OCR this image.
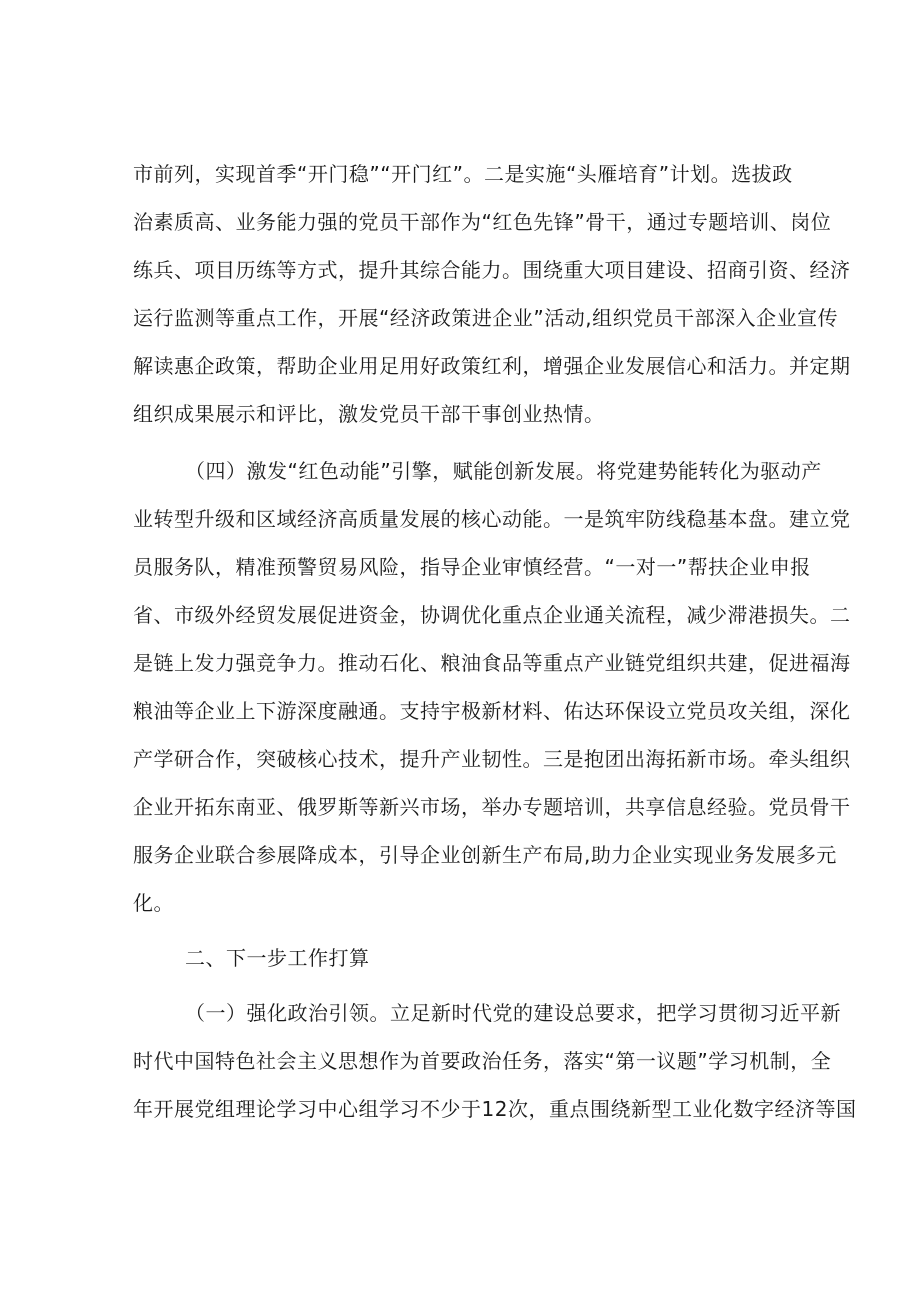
市前列，实现首季“开门稳”“开门红”。二是实施“头雁培育”计划。选拔政
治素质高、业务能力强的党员干部作为“红色先锋”骨干，通过专题培训、岗位
练兵、项目历练等方式，提升其综合能力。围绕重大项目建设、招商引资、经济
运行监测等重点工作，开展“经济政策进企业”活动,组织党员干部深入企业宣传
解读惠企政策，帮助企业用足用好政策红利，增强企业发展信心和活力。并定期
组织成果展示和评比，激发党员干部干事创业热情。
（四）激发“红色动能”引擎，赋能创新发展。将党建势能转化为驱动产
业转型升级和区域经济高质量发展的核心动能。一是筑牢防线稳基本盘。建立党
员服务队，精准预警贸易风险，指导企业审慎经营。“一对一”帮扶企业申报
省、市级外经贸发展促进资金，协调优化重点企业通关流程，减少滞港损失。二
是链上发力强竞争力。推动石化、粮油食品等重点产业链党组织共建，促进福海
粮油等企业上下游深度融通。支持宇极新材料、佑达环保设立党员攻关组，深化
产学研合作，突破核心技术，提升产业韧性。三是抱团出海拓新市场。牵头组织
企业开拓东南亚、俄罗斯等新兴市场，举办专题培训，共享信息经验。党员骨干
服务企业联合参展降成本，引导企业创新生产布局,助力企业实现业务发展多元
化。
二、下一步工作打算
（一）强化政治引领。立足新时代党的建设总要求，把学习贯彻习近平新
时代中国特色社会主义思想作为首要政治任务，落实“第一议题”学习机制，全
年开展党组理论学习中心组学习不少于12次，重点围绕新型工业化数字经济等国
